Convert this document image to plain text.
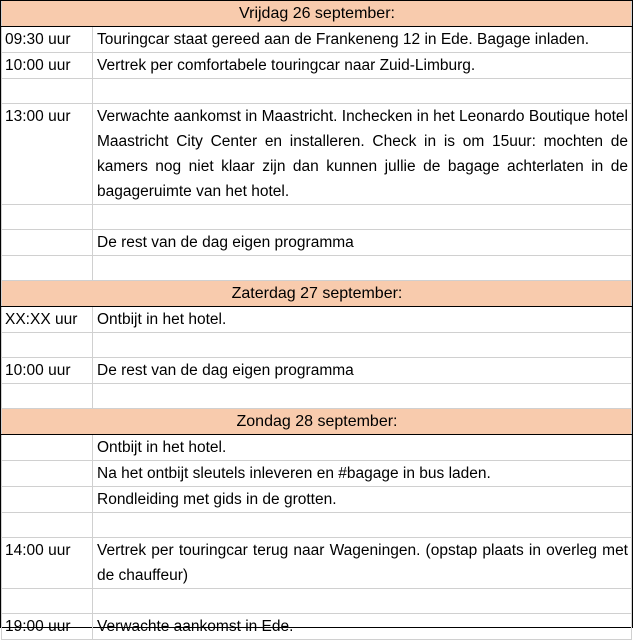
Vrijdag 26 september:	
09:30 uur	Touringcar staat gereed aan de Frankeneng 12 in Ede. Bagage inladen.
10:00 uur	Vertrek per comfortabele touringcar naar Zuid-Limburg.

13:00 uur	Verwachte aankomst in Maastricht. Inchecken in het Leonardo Boutique hotel Maastricht City Center en installeren. Check in is om 15uur: mochten de kamers nog niet klaar zijn dan kunnen jullie de bagage achterlaten in de bagageruimte van het hotel.

	De rest van de dag eigen programma

Zaterdag 27 september:	
XX:XX uur	Ontbijt in het hotel.

10:00 uur	De rest van de dag eigen programma

Zondag 28 september:	
	Ontbijt in het hotel.
	Na het ontbijt sleutels inleveren en #bagage in bus laden.
	Rondleiding met gids in de grotten.

14:00 uur	Vertrek per touringcar terug naar Wageningen. (opstap plaats in overleg met de chauffeur)

19:00 uur	Verwachte aankomst in Ede.
